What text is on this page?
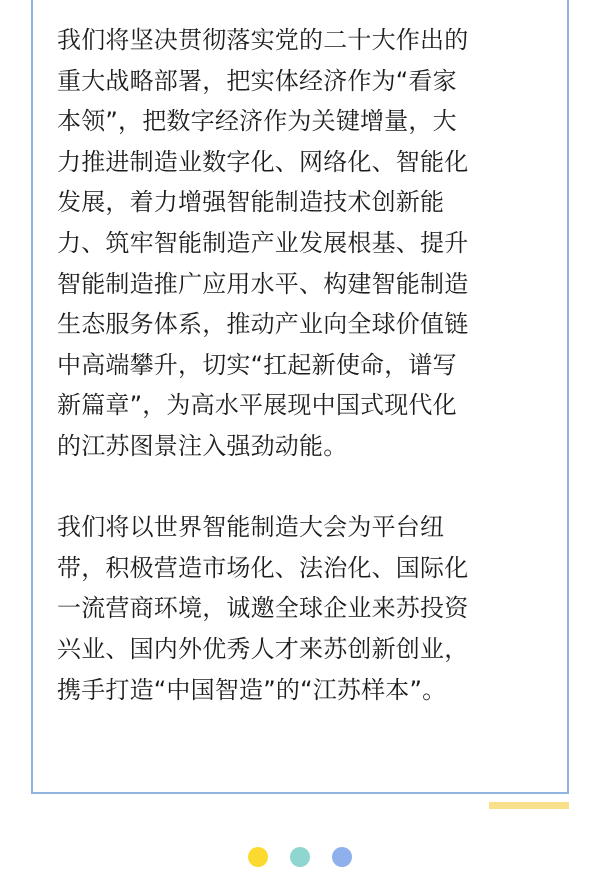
我们将坚决贯彻落实党的二十大作出的
重大战略部署，把实体经济作为“看家
本领”，把数字经济作为关键增量，大
力推进制造业数字化、网络化、智能化
发展，着力增强智能制造技术创新能
力、筑牢智能制造产业发展根基、提升
智能制造推广应用水平、构建智能制造
生态服务体系，推动产业向全球价值链
中高端攀升，切实“扛起新使命，谱写
新篇章”，为高水平展现中国式现代化
的江苏图景注入强劲动能。

我们将以世界智能制造大会为平台纽
带，积极营造市场化、法治化、国际化
一流营商环境，诚邀全球企业来苏投资
兴业、国内外优秀人才来苏创新创业，
携手打造“中国智造”的“江苏样本”。
